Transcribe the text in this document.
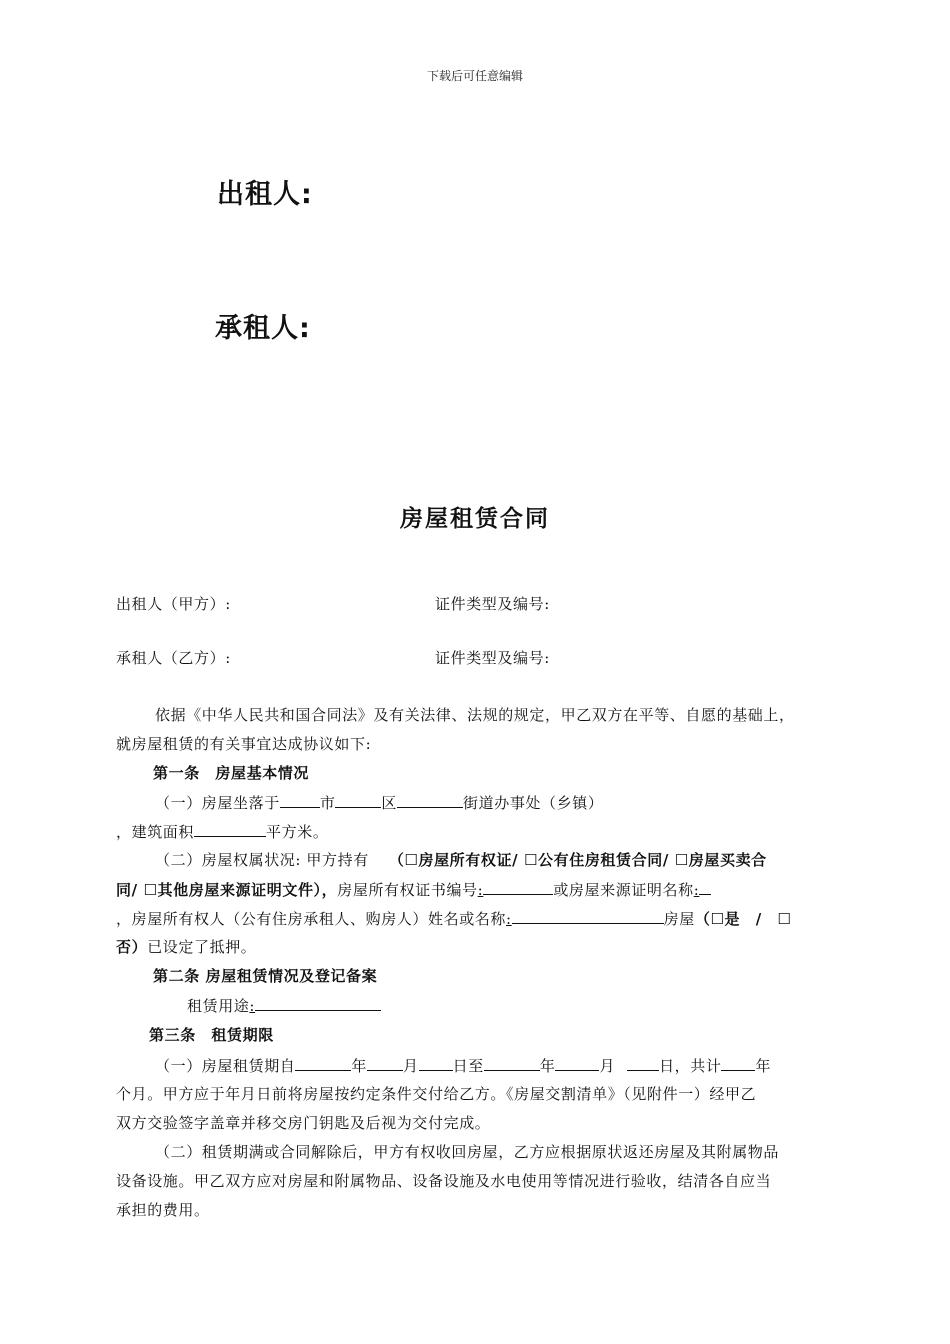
下载后可任意编辑
出租人:
承租人:
房屋租赁合同
出租人（甲方）:	证件类型及编号:
承租人（乙方）:	证件类型及编号:
依据《中华人民共和国合同法》及有关法律、法规的规定，甲乙双方在平等、自愿的基础上，
就房屋租赁的有关事宜达成协议如下:
第一条　房屋基本情况
（一）房屋坐落于	市	区	街道办事处（乡镇）
，建筑面积	平方米。
（二）房屋权属状况: 甲方持有 （☐房屋所有权证/ ☐公有住房租赁合同/ ☐房屋买卖合
同/ ☐其他房屋来源证明文件），房屋所有权证书编号:	或房屋来源证明名称:
，房屋所有权人（公有住房承租人、购房人）姓名或名称:	房屋（☐是　/　☐
否）已设定了抵押。
第二条 房屋租赁情况及登记备案
租赁用途:
第三条　租赁期限
（一）房屋租赁期自	年 月 日至	年	月	日，共计 年
个月。甲方应于年月日前将房屋按约定条件交付给乙方。《房屋交割清单》（见附件一）经甲乙
双方交验签字盖章并移交房门钥匙及后视为交付完成。
（二）租赁期满或合同解除后，甲方有权收回房屋，乙方应根据原状返还房屋及其附属物品
设备设施。甲乙双方应对房屋和附属物品、设备设施及水电使用等情况进行验收，结清各自应当
承担的费用。
